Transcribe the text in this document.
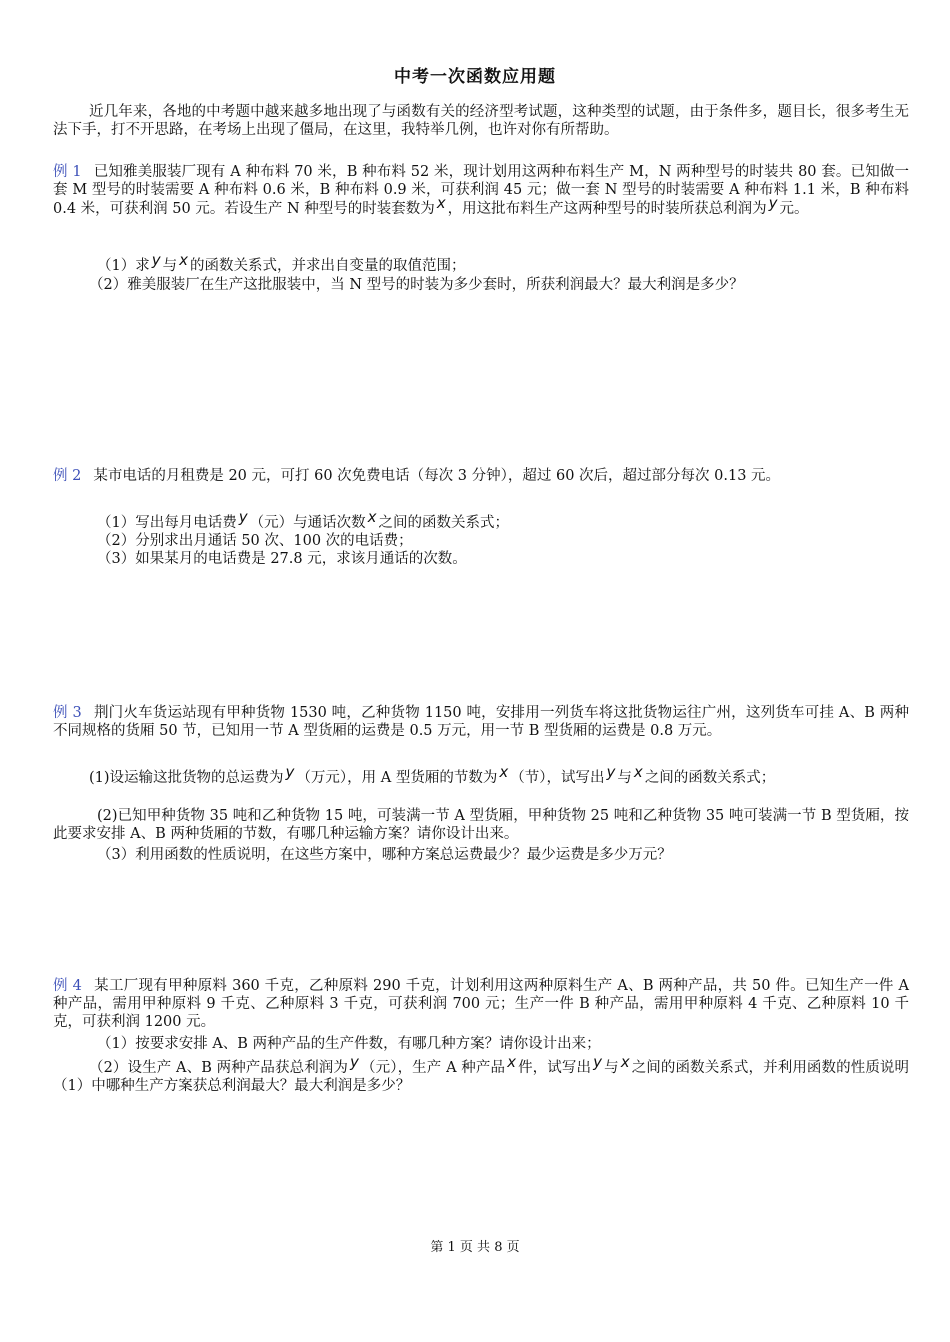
中考一次函数应用题
近几年来，各地的中考题中越来越多地出现了与函数有关的经济型考试题，这种类型的试题，由于条件多，题目长，很多考生无法下手，打不开思路，在考场上出现了僵局，在这里，我特举几例，也许对你有所帮助。
例 1 已知雅美服装厂现有 A 种布料 70 米，B 种布料 52 米，现计划用这两种布料生产 M，N 两种型号的时装共 80 套。已知做一套 M 型号的时装需要 A 种布料 0.6 米，B 种布料 0.9 米，可获利润 45 元；做一套 N 型号的时装需要 A 种布料 1.1 米，B 种布料 0.4 米，可获利润 50 元。若设生产 N 种型号的时装套数为 x ，用这批布料生产这两种型号的时装所获总利润为 y 元。
（1）求 y 与 x 的函数关系式，并求出自变量的取值范围；
（2）雅美服装厂在生产这批服装中，当 N 型号的时装为多少套时，所获利润最大？最大利润是多少？
例 2 某市电话的月租费是 20 元，可打 60 次免费电话（每次 3 分钟），超过 60 次后，超过部分每次 0.13 元。
（1）写出每月电话费 y （元）与通话次数 x 之间的函数关系式；
（2）分别求出月通话 50 次、100 次的电话费；
（3）如果某月的电话费是 27.8 元，求该月通话的次数。
例 3 荆门火车货运站现有甲种货物 1530 吨，乙种货物 1150 吨，安排用一列货车将这批货物运往广州，这列货车可挂 A、B 两种不同规格的货厢 50 节，已知用一节 A 型货厢的运费是 0.5 万元，用一节 B 型货厢的运费是 0.8 万元。
(1)设运输这批货物的总运费为 y （万元），用 A 型货厢的节数为 x （节），试写出 y 与 x 之间的函数关系式；
(2)已知甲种货物 35 吨和乙种货物 15 吨，可装满一节 A 型货厢，甲种货物 25 吨和乙种货物 35 吨可装满一节 B 型货厢，按此要求安排 A、B 两种货厢的节数，有哪几种运输方案？请你设计出来。
（3）利用函数的性质说明，在这些方案中，哪种方案总运费最少？最少运费是多少万元？
例 4 某工厂现有甲种原料 360 千克，乙种原料 290 千克，计划利用这两种原料生产 A、B 两种产品，共 50 件。已知生产一件 A 种产品，需用甲种原料 9 千克、乙种原料 3 千克，可获利润 700 元；生产一件 B 种产品，需用甲种原料 4 千克、乙种原料 10 千克，可获利润 1200 元。
（1）按要求安排 A、B 两种产品的生产件数，有哪几种方案？请你设计出来；
（2）设生产 A、B 两种产品获总利润为 y （元），生产 A 种产品 x 件，试写出 y 与 x 之间的函数关系式，并利用函数的性质说明（1）中哪种生产方案获总利润最大？最大利润是多少？
第 1 页 共 8 页
